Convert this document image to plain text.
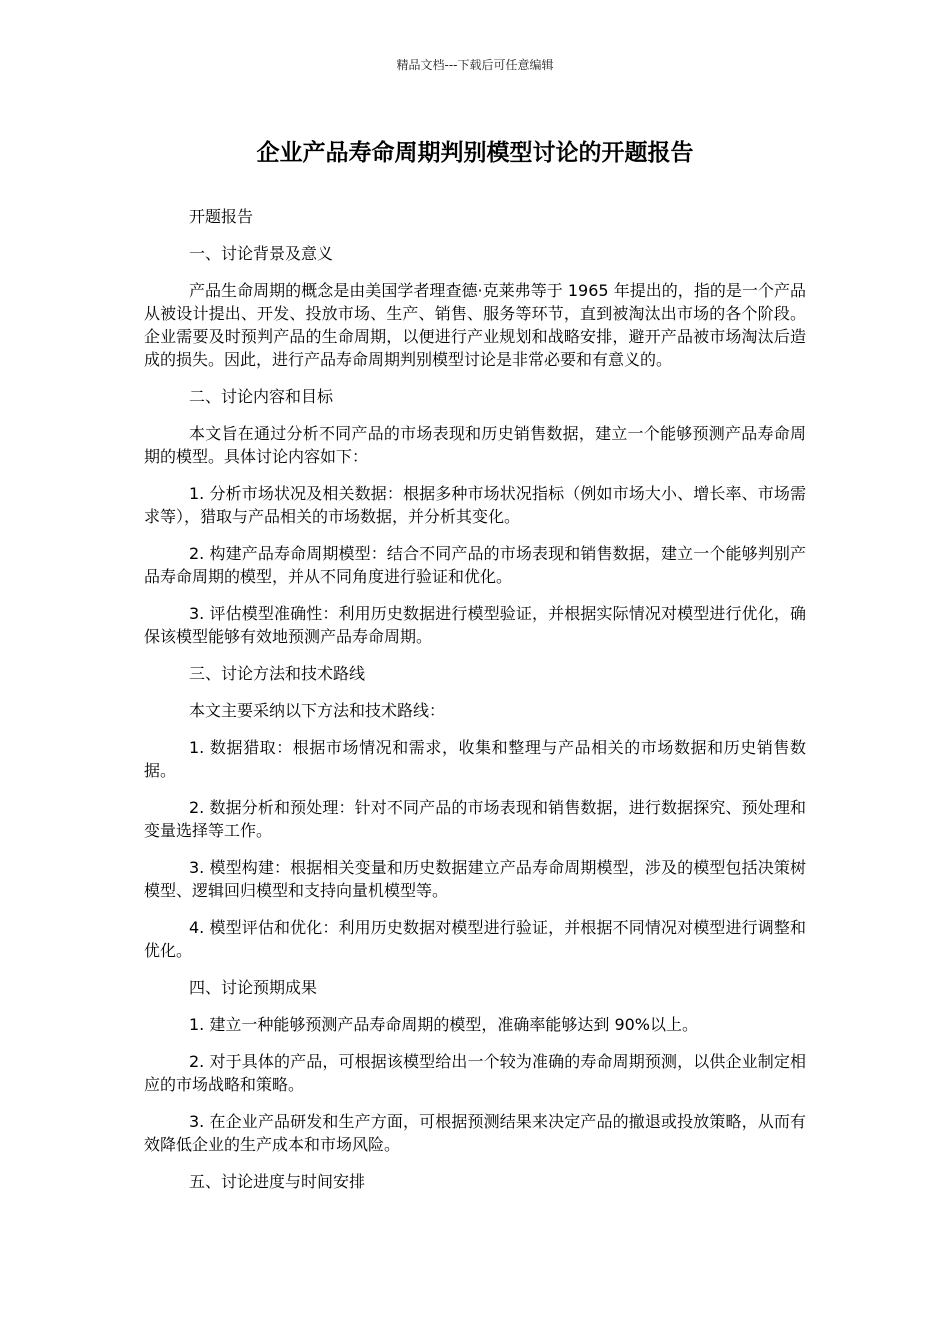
精品文档---下载后可任意编辑
企业产品寿命周期判别模型讨论的开题报告

开题报告

一、讨论背景及意义

产品生命周期的概念是由美国学者理查德·克莱弗等于 1965 年提出的，指的是一个产品从被设计提出、开发、投放市场、生产、销售、服务等环节，直到被淘汰出市场的各个阶段。企业需要及时预判产品的生命周期，以便进行产业规划和战略安排，避开产品被市场淘汰后造成的损失。因此，进行产品寿命周期判别模型讨论是非常必要和有意义的。

二、讨论内容和目标

本文旨在通过分析不同产品的市场表现和历史销售数据，建立一个能够预测产品寿命周期的模型。具体讨论内容如下：

1. 分析市场状况及相关数据：根据多种市场状况指标（例如市场大小、增长率、市场需求等），猎取与产品相关的市场数据，并分析其变化。

2. 构建产品寿命周期模型：结合不同产品的市场表现和销售数据，建立一个能够判别产品寿命周期的模型，并从不同角度进行验证和优化。

3. 评估模型准确性：利用历史数据进行模型验证，并根据实际情况对模型进行优化，确保该模型能够有效地预测产品寿命周期。

三、讨论方法和技术路线

本文主要采纳以下方法和技术路线：

1. 数据猎取：根据市场情况和需求，收集和整理与产品相关的市场数据和历史销售数据。

2. 数据分析和预处理：针对不同产品的市场表现和销售数据，进行数据探究、预处理和变量选择等工作。

3. 模型构建：根据相关变量和历史数据建立产品寿命周期模型，涉及的模型包括决策树模型、逻辑回归模型和支持向量机模型等。

4. 模型评估和优化：利用历史数据对模型进行验证，并根据不同情况对模型进行调整和优化。

四、讨论预期成果

1. 建立一种能够预测产品寿命周期的模型，准确率能够达到 90%以上。

2. 对于具体的产品，可根据该模型给出一个较为准确的寿命周期预测，以供企业制定相应的市场战略和策略。

3. 在企业产品研发和生产方面，可根据预测结果来决定产品的撤退或投放策略，从而有效降低企业的生产成本和市场风险。

五、讨论进度与时间安排
